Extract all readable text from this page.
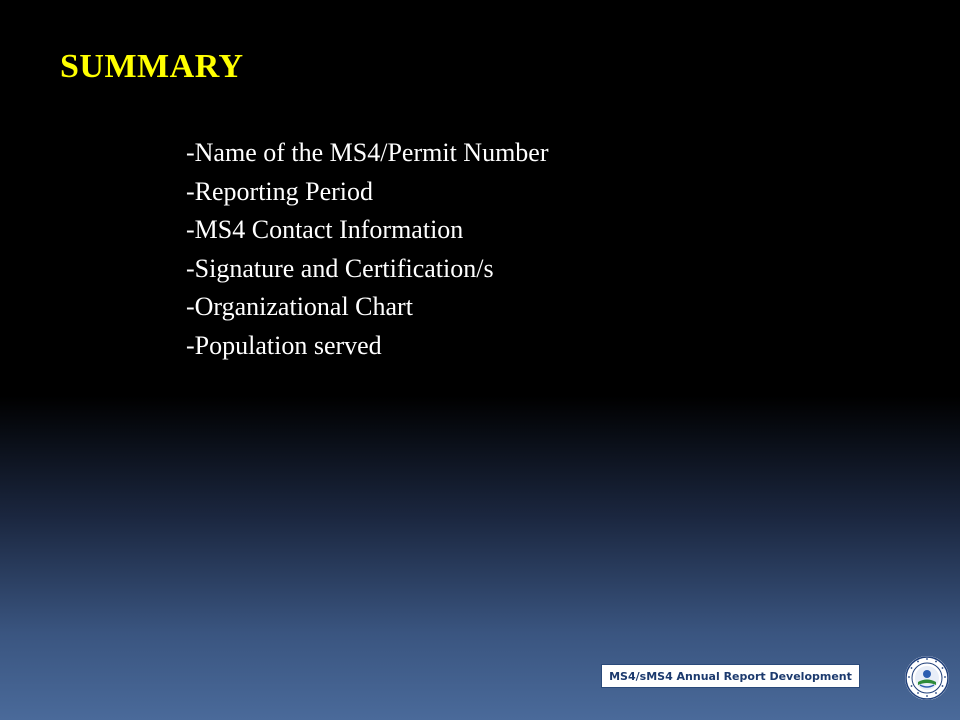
SUMMARY
-Name of the MS4/Permit Number
-Reporting Period
-MS4 Contact Information
-Signature and Certification/s
-Organizational Chart
-Population served
MS4/sMS4 Annual Report Development
